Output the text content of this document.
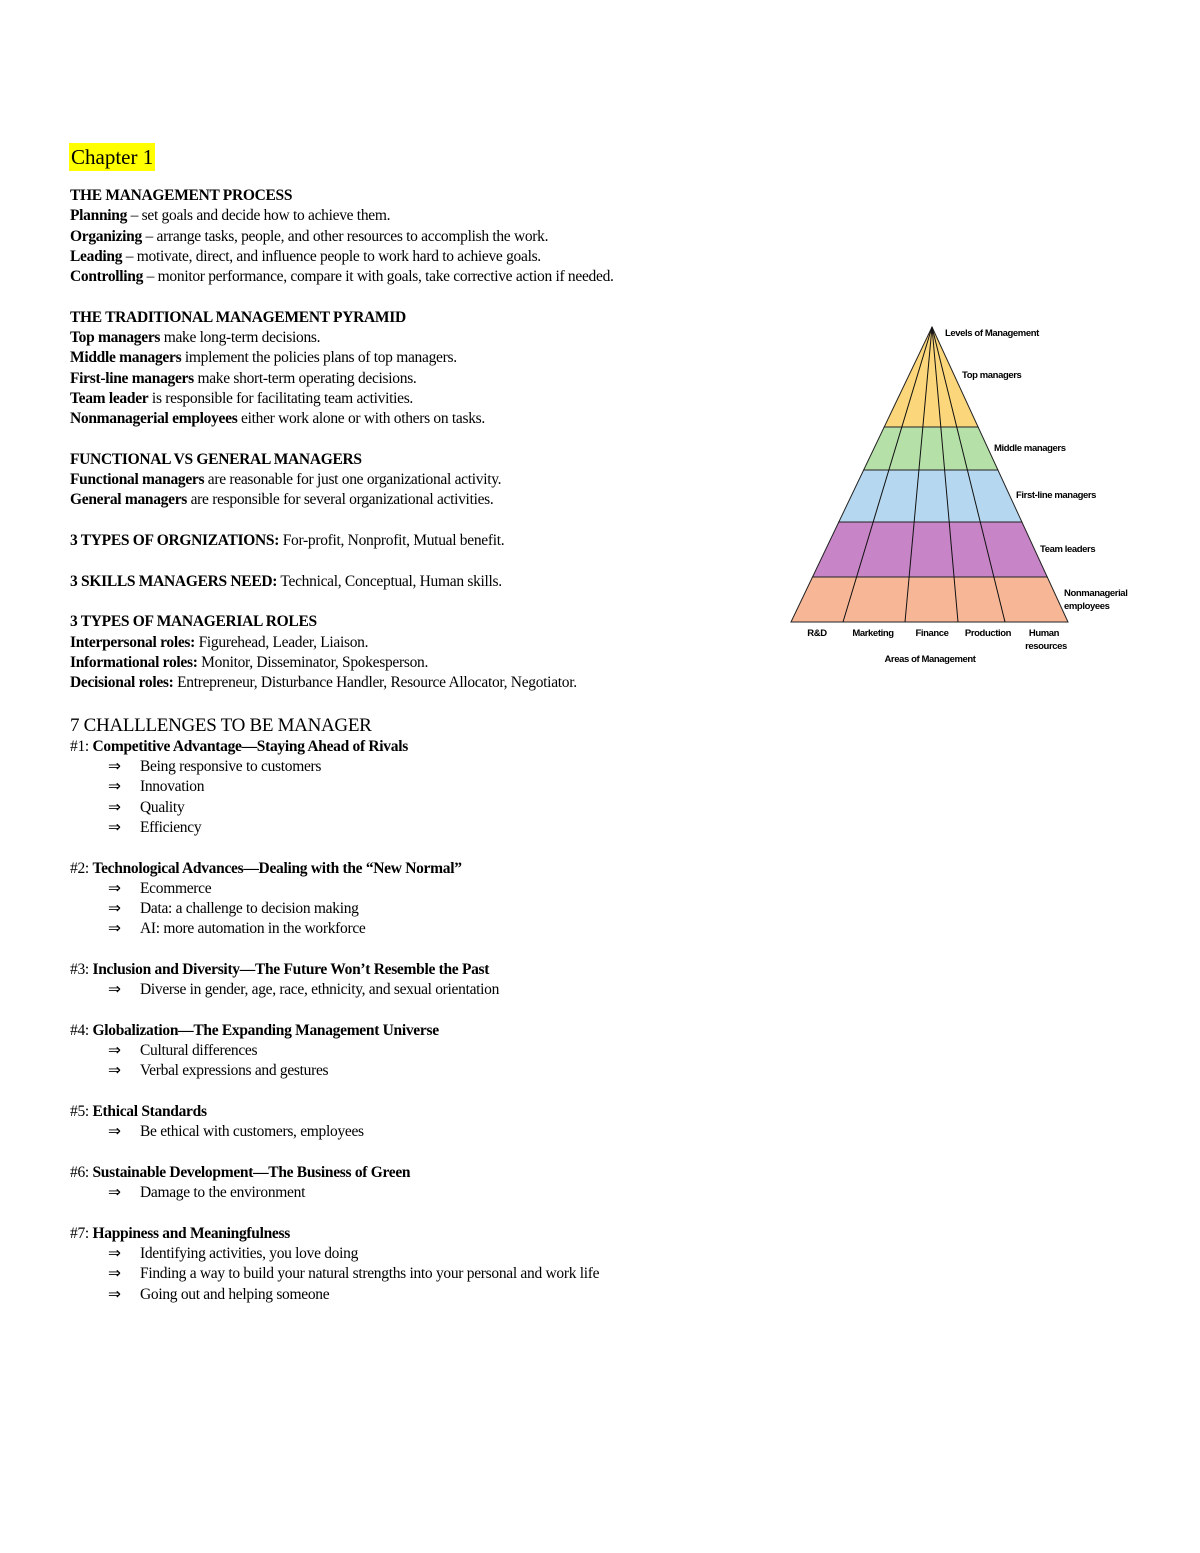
Chapter 1
THE MANAGEMENT PROCESS
Planning – set goals and decide how to achieve them.
Organizing – arrange tasks, people, and other resources to accomplish the work.
Leading – motivate, direct, and influence people to work hard to achieve goals.
Controlling – monitor performance, compare it with goals, take corrective action if needed.
THE TRADITIONAL MANAGEMENT PYRAMID
Top managers make long-term decisions.
Middle managers implement the policies plans of top managers.
First-line managers make short-term operating decisions.
Team leader is responsible for facilitating team activities.
Nonmanagerial employees either work alone or with others on tasks.
FUNCTIONAL VS GENERAL MANAGERS
Functional managers are reasonable for just one organizational activity.
General managers are responsible for several organizational activities.
3 TYPES OF ORGNIZATIONS: For-profit, Nonprofit, Mutual benefit.
3 SKILLS MANAGERS NEED: Technical, Conceptual, Human skills.
3 TYPES OF MANAGERIAL ROLES
Interpersonal roles: Figurehead, Leader, Liaison.
Informational roles: Monitor, Disseminator, Spokesperson.
Decisional roles: Entrepreneur, Disturbance Handler, Resource Allocator, Negotiator.
7 CHALLLENGES TO BE MANAGER
#1: Competitive Advantage—Staying Ahead of Rivals
⇒ Being responsive to customers
⇒ Innovation
⇒ Quality
⇒ Efficiency
#2: Technological Advances—Dealing with the “New Normal”
⇒ Ecommerce
⇒ Data: a challenge to decision making
⇒ AI: more automation in the workforce
#3: Inclusion and Diversity—The Future Won’t Resemble the Past
⇒ Diverse in gender, age, race, ethnicity, and sexual orientation
#4: Globalization—The Expanding Management Universe
⇒ Cultural differences
⇒ Verbal expressions and gestures
#5: Ethical Standards
⇒ Be ethical with customers, employees
#6: Sustainable Development—The Business of Green
⇒ Damage to the environment
#7: Happiness and Meaningfulness
⇒ Identifying activities, you love doing
⇒ Finding a way to build your natural strengths into your personal and work life
⇒ Going out and helping someone
Levels of Management
Top managers
Middle managers
First-line managers
Team leaders
Nonmanagerial
employees
R&D	Marketing Finance Production Human
resources
Areas of Management
